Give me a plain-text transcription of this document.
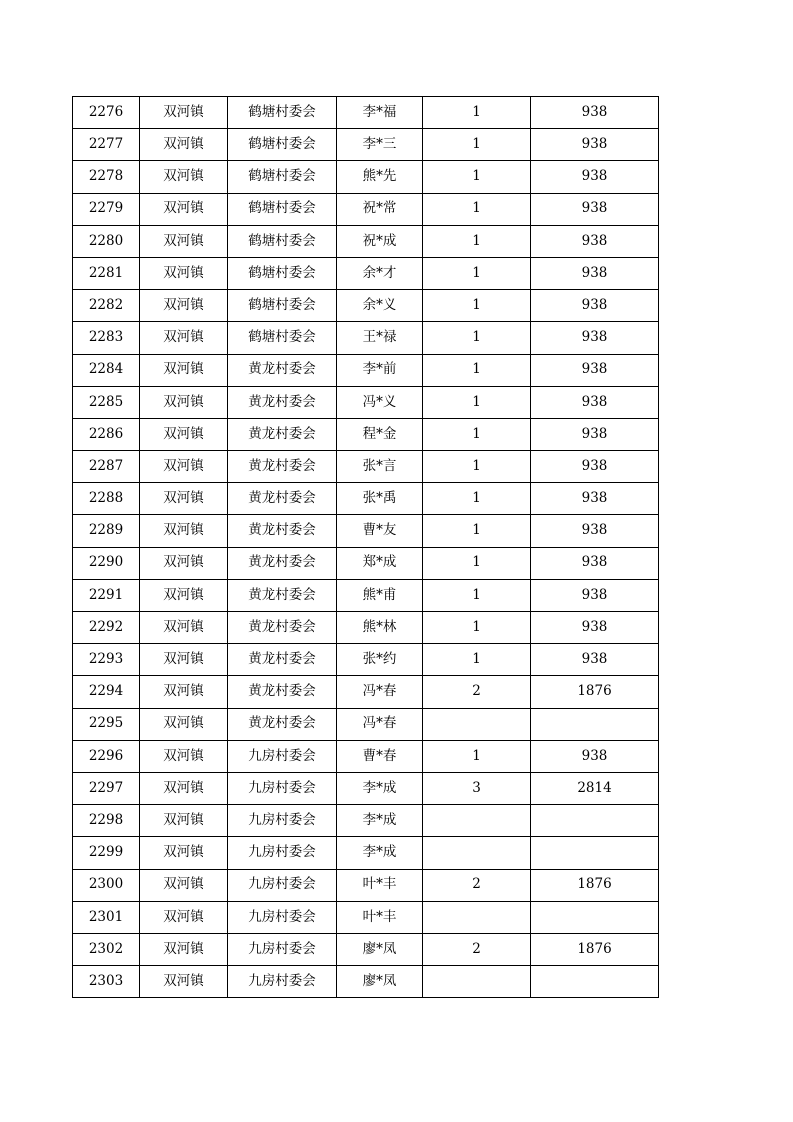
2276	双河镇	鹤塘村委会	李*福	1	938
2277	双河镇	鹤塘村委会	李*三	1	938
2278	双河镇	鹤塘村委会	熊*先	1	938
2279	双河镇	鹤塘村委会	祝*常	1	938
2280	双河镇	鹤塘村委会	祝*成	1	938
2281	双河镇	鹤塘村委会	余*才	1	938
2282	双河镇	鹤塘村委会	余*义	1	938
2283	双河镇	鹤塘村委会	王*禄	1	938
2284	双河镇	黄龙村委会	李*前	1	938
2285	双河镇	黄龙村委会	冯*义	1	938
2286	双河镇	黄龙村委会	程*金	1	938
2287	双河镇	黄龙村委会	张*言	1	938
2288	双河镇	黄龙村委会	张*禹	1	938
2289	双河镇	黄龙村委会	曹*友	1	938
2290	双河镇	黄龙村委会	郑*成	1	938
2291	双河镇	黄龙村委会	熊*甫	1	938
2292	双河镇	黄龙村委会	熊*林	1	938
2293	双河镇	黄龙村委会	张*约	1	938
2294	双河镇	黄龙村委会	冯*春	2	1876
2295	双河镇	黄龙村委会	冯*春		
2296	双河镇	九房村委会	曹*春	1	938
2297	双河镇	九房村委会	李*成	3	2814
2298	双河镇	九房村委会	李*成		
2299	双河镇	九房村委会	李*成		
2300	双河镇	九房村委会	叶*丰	2	1876
2301	双河镇	九房村委会	叶*丰		
2302	双河镇	九房村委会	廖*凤	2	1876
2303	双河镇	九房村委会	廖*凤		
